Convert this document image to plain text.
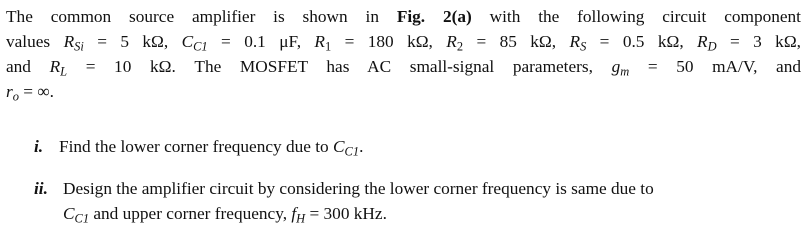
The common source amplifier is shown in Fig. 2(a) with the following circuit component
values $R_{Si} = 5$ kΩ, $C_{C1} = 0.1$ μF, $R_1 = 180$ kΩ, $R_2 = 85$ kΩ, $R_S = 0.5$ kΩ, $R_D = 3$ kΩ,
and $R_L = 10$ kΩ. The MOSFET has AC small-signal parameters, $g_m = 50$ mA/V, and
$r_o$ = ∞.
i. Find the lower corner frequency due to $C_{C1}$.
ii. Design the amplifier circuit by considering the lower corner frequency is same due to
$C_{C1}$ and upper corner frequency, $f_H = 300$ kHz.
